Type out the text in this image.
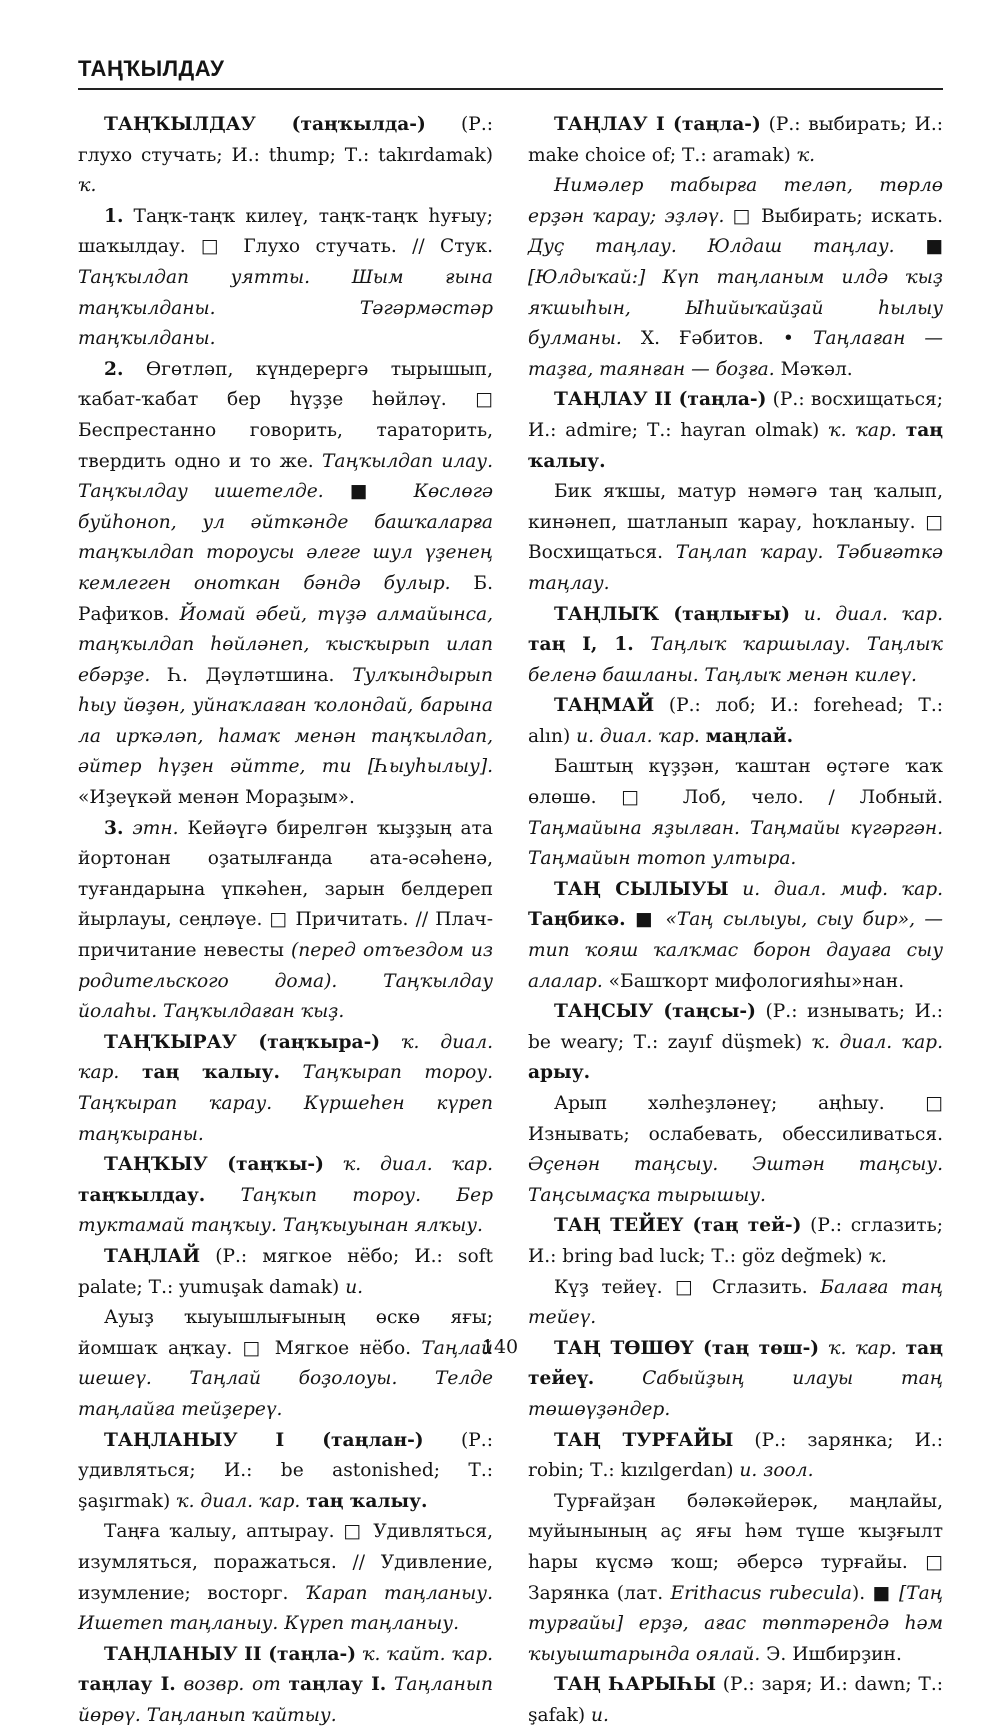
ТАҢҠЫЛДАУ

ТАҢҠЫЛДАУ (таңҡылда-) (Р.: глухо стучать; И.: thump; Т.: takırdamak) ҡ.

1. Таңҡ-таңҡ килеү, таңҡ-таңҡ һуғыу; шаҡылдау. □ Глухо стучать. // Стук. Таңҡылдап уятты. Шым ғына таңҡылданы. Тәгәрмәстәр таңҡылданы.

2. Өгөтләп, күндерергә тырышып, ҡабат-ҡабат бер һүҙҙе һөйләү. □ Беспрестанно говорить, тараторить, твердить одно и то же. Таңҡылдап илау. Таңҡылдау ишетелде. ■ Көслөгә буйһоноп, ул әйткәнде башҡаларға таңҡылдап тороусы әлеге шул үҙенең кемлеген оноткан бәндә булыр. Б. Рафиҡов. Йомай әбей, түҙә алмайынса, таңҡылдап һөйләнеп, ҡысҡырып илап ебәрҙе. Һ. Дәүләтшина. Тулҡындырып һыу йөҙөн, уйнаҡлаған ҡолондай, барына ла ирҡәләп, һамаҡ менән таңҡылдап, әйтер һүҙен әйтте, ти [Һыуһылыу]. «Иҙеүкәй менән Мораҙым».

3. этн. Кейәүгә бирелгән ҡыҙҙың ата йортонан оҙатылғанда ата-әсәһенә, туғандарына үпкәһен, зарын белдереп йырлауы, сеңләүе. □ Причитать. // Плач-причитание невесты (перед отъездом из родительского дома). Таңҡылдау йолаһы. Таңҡылдаған ҡыҙ.

ТАҢҠЫРАУ (таңҡыра-) ҡ. диал. ҡар. таң ҡалыу. Таңҡырап тороу. Таңҡырап ҡарау. Күршеһен күреп таңҡыраны.

ТАҢҠЫУ (таңҡы-) ҡ. диал. ҡар. таңҡылдау. Таңҡып тороу. Бер туктамай таңҡыу. Таңҡыуынан ялҡыу.

ТАҢЛАЙ (Р.: мягкое нёбо; И.: soft palate; Т.: yumuşak damak) и.

Ауыҙ ҡыуышлығының өскө яғы; йомшаҡ аңҡау. □ Мягкое нёбо. Таңлай шешеү. Таңлай боҙолоуы. Телде таңлайға тейҙереү.

ТАҢЛАНЫУ I (таңлан-) (Р.: удивляться; И.: be astonished; Т.: şaşırmak) ҡ. диал. ҡар. таң ҡалыу.

Таңға ҡалыу, аптырау. □ Удивляться, изумляться, поражаться. // Удивление, изумление; восторг. Ҡарап таңланыу. Ишетеп таңланыу. Күреп таңланыу.

ТАҢЛАНЫУ II (таңла-) ҡ. ҡайт. ҡар. таңлау I. возвр. от таңлау I. Таңланып йөрөү. Таңланып ҡайтыу.

ТАҢЛАУ I (таңла-) (Р.: выбирать; И.: make choice of; Т.: aramak) ҡ.

Нимәлер табырға теләп, төрлө ерҙән ҡарау; эҙләү. □ Выбирать; искать. Дуҫ таңлау. Юлдаш таңлау. ■ [Юлдыҡай:] Күп таңланым илдә ҡыҙ яҡшыһын, Ыһийыҡайҙай һылыу булманы. Х. Ғәбитов. • Таңлаған — таҙға, таянған — боҙға. Мәҡәл.

ТАҢЛАУ II (таңла-) (Р.: восхищаться; И.: admire; Т.: hayran olmak) ҡ. ҡар. таң ҡалыу.

Бик яҡшы, матур нәмәгә таң ҡалып, кинәнеп, шатланып ҡарау, һоҡланыу. □ Восхищаться. Таңлап ҡарау. Тәбиғәткә таңлау.

ТАҢЛЫҠ (таңлығы) и. диал. ҡар. таң I, 1. Таңлыҡ ҡаршылау. Таңлыҡ беленә башланы. Таңлыҡ менән килеү.

ТАҢМАЙ (Р.: лоб; И.: forehead; Т.: alın) и. диал. ҡар. маңлай.

Баштың күҙҙән, ҡаштан өҫтәге ҡаҡ өлөшө. □ Лоб, чело. / Лобный. Таңмайына яҙылған. Таңмайы күгәргән. Таңмайын тотоп ултыра.

ТАҢ СЫЛЫУЫ и. диал. миф. ҡар. Таңбикә. ■ «Таң сылыуы, сыу бир», — тип ҡояш ҡалҡмас борон дауаға сыу алалар. «Башҡорт мифологияһы»нан.

ТАҢСЫУ (таңсы-) (Р.: изнывать; И.: be weary; Т.: zayıf düşmek) ҡ. диал. ҡар. арыу.

Арып хәлһеҙләнеү; аңһыу. □ Изнывать; ослабевать, обессиливаться. Әҫенән таңсыу. Эштән таңсыу. Таңсымаҫҡа тырышыу.

ТАҢ ТЕЙЕҮ (таң тей-) (Р.: сглазить; И.: bring bad luck; Т.: göz değmek) ҡ.

Күҙ тейеү. □ Сглазить. Балаға таң тейеү.

ТАҢ ТӨШӨҮ (таң төш-) ҡ. ҡар. таң тейеү.	Сабыйҙың илауы таң төшөүҙәндер.

ТАҢ ТУРҒАЙЫ (Р.: зарянка; И.: robin; Т.: kızılgerdan) и. зоол.

Турғайҙан бәләкәйерәк, маңлайы, муйынының аҫ яғы һәм түше ҡыҙғылт һары күсмә ҡош; әберсә турғайы. □ Зарянка (лат. Erithacus rubecula). ■ [Таң турғайы] ерҙә, ағас төптәрендә һәм ҡыуыштарында оялай. Э. Ишбирҙин.

ТАҢ ҺАРЫҺЫ (Р.: заря; И.: dawn; Т.: şafak) и.

140
